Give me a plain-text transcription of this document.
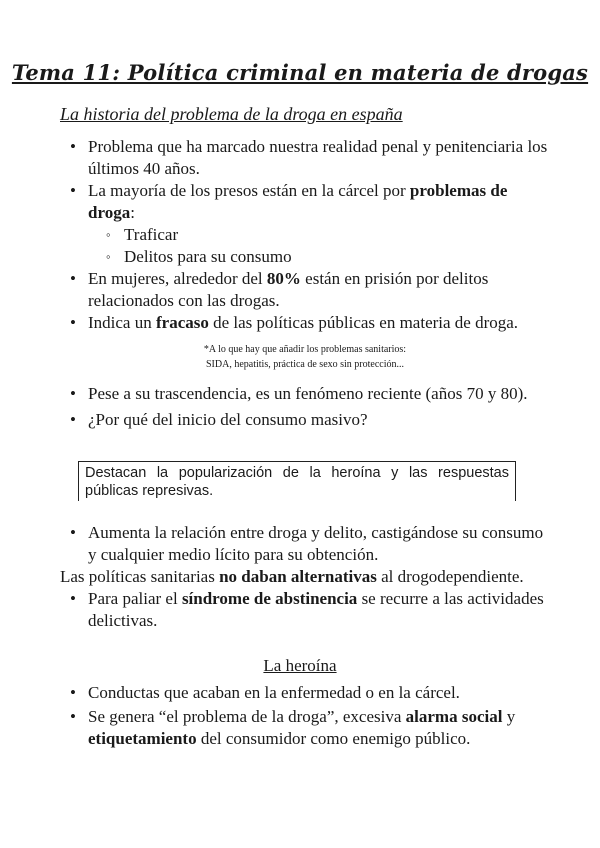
Tema 11: Política criminal en materia de drogas
La historia del problema de la droga en españa
• Problema que ha marcado nuestra realidad penal y penitenciaria los últimos 40 años.
• La mayoría de los presos están en la cárcel por problemas de droga:
◦ Traficar
◦ Delitos para su consumo
• En mujeres, alrededor del 80% están en prisión por delitos relacionados con las drogas.
• Indica un fracaso de las políticas públicas en materia de droga.
*A lo que hay que añadir los problemas sanitarios:
SIDA, hepatitis, práctica de sexo sin protección...
• Pese a su trascendencia, es un fenómeno reciente (años 70 y 80).
• ¿Por qué del inicio del consumo masivo?
Destacan la popularización de la heroína y las respuestas públicas represivas.
• Aumenta la relación entre droga y delito, castigándose su consumo y cualquier medio lícito para su obtención.
Las políticas sanitarias no daban alternativas al drogodependiente.
• Para paliar el síndrome de abstinencia se recurre a las actividades delictivas.
La heroína
• Conductas que acaban en la enfermedad o en la cárcel.
• Se genera “el problema de la droga”, excesiva alarma social y etiquetamiento del consumidor como enemigo público.
